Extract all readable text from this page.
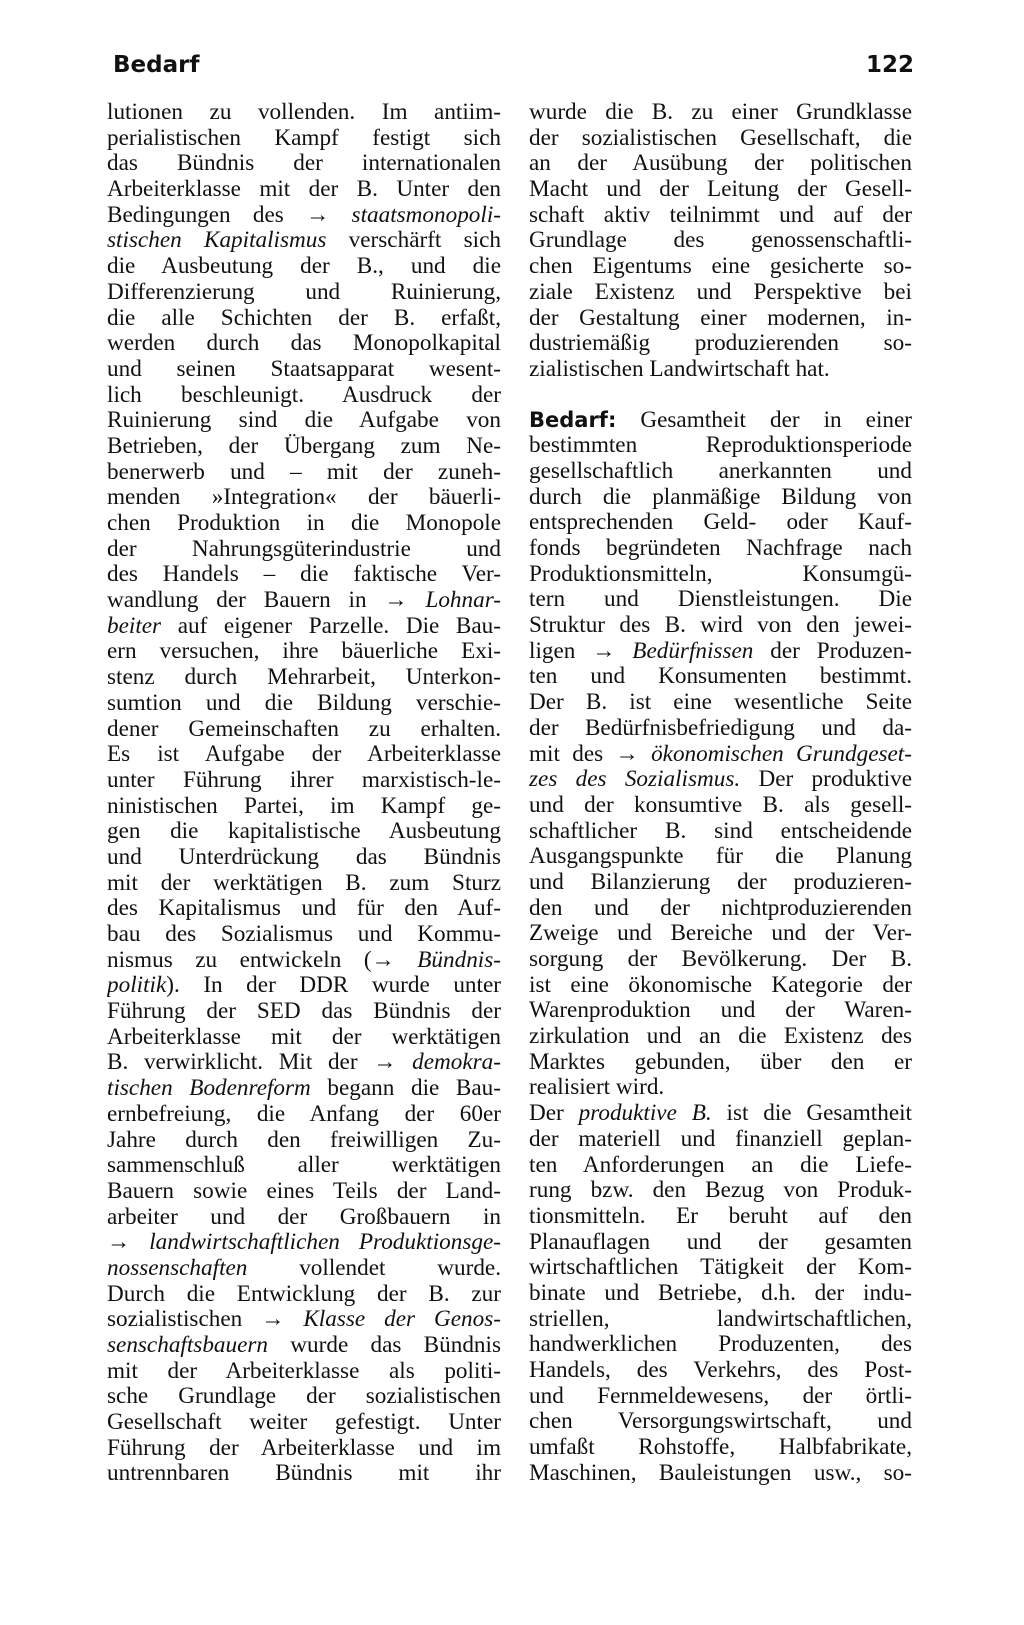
Bedarf	122
lutionen zu vollenden. Im antiim-
perialistischen Kampf festigt sich
das Bündnis der internationalen
Arbeiterklasse mit der B. Unter den
Bedingungen des → staatsmonopoli-
stischen Kapitalismus verschärft sich
die Ausbeutung der B., und die
Differenzierung und Ruinierung,
die alle Schichten der B. erfaßt,
werden durch das Monopolkapital
und seinen Staatsapparat wesent-
lich beschleunigt. Ausdruck der
Ruinierung sind die Aufgabe von
Betrieben, der Übergang zum Ne-
benerwerb und – mit der zuneh-
menden »Integration« der bäuerli-
chen Produktion in die Monopole
der Nahrungsgüterindustrie und
des Handels – die faktische Ver-
wandlung der Bauern in → Lohnar-
beiter auf eigener Parzelle. Die Bau-
ern versuchen, ihre bäuerliche Exi-
stenz durch Mehrarbeit, Unterkon-
sumtion und die Bildung verschie-
dener Gemeinschaften zu erhalten.
Es ist Aufgabe der Arbeiterklasse
unter Führung ihrer marxistisch-le-
ninistischen Partei, im Kampf ge-
gen die kapitalistische Ausbeutung
und Unterdrückung das Bündnis
mit der werktätigen B. zum Sturz
des Kapitalismus und für den Auf-
bau des Sozialismus und Kommu-
nismus zu entwickeln (→ Bündnis-
politik). In der DDR wurde unter
Führung der SED das Bündnis der
Arbeiterklasse mit der werktätigen
B. verwirklicht. Mit der → demokra-
tischen Bodenreform begann die Bau-
ernbefreiung, die Anfang der 60er
Jahre durch den freiwilligen Zu-
sammenschluß aller werktätigen
Bauern sowie eines Teils der Land-
arbeiter und der Großbauern in
→ landwirtschaftlichen Produktionsge-
nossenschaften vollendet wurde.
Durch die Entwicklung der B. zur
sozialistischen → Klasse der Genos-
senschaftsbauern wurde das Bündnis
mit der Arbeiterklasse als politi-
sche Grundlage der sozialistischen
Gesellschaft weiter gefestigt. Unter
Führung der Arbeiterklasse und im
untrennbaren Bündnis mit ihr
wurde die B. zu einer Grundklasse
der sozialistischen Gesellschaft, die
an der Ausübung der politischen
Macht und der Leitung der Gesell-
schaft aktiv teilnimmt und auf der
Grundlage des genossenschaftli-
chen Eigentums eine gesicherte so-
ziale Existenz und Perspektive bei
der Gestaltung einer modernen, in-
dustriemäßig produzierenden so-
zialistischen Landwirtschaft hat.
Bedarf: Gesamtheit der in einer
bestimmten Reproduktionsperiode
gesellschaftlich anerkannten und
durch die planmäßige Bildung von
entsprechenden Geld- oder Kauf-
fonds begründeten Nachfrage nach
Produktionsmitteln, Konsumgü-
tern und Dienstleistungen. Die
Struktur des B. wird von den jewei-
ligen → Bedürfnissen der Produzen-
ten und Konsumenten bestimmt.
Der B. ist eine wesentliche Seite
der Bedürfnisbefriedigung und da-
mit des → ökonomischen Grundgeset-
zes des Sozialismus. Der produktive
und der konsumtive B. als gesell-
schaftlicher B. sind entscheidende
Ausgangspunkte für die Planung
und Bilanzierung der produzieren-
den und der nichtproduzierenden
Zweige und Bereiche und der Ver-
sorgung der Bevölkerung. Der B.
ist eine ökonomische Kategorie der
Warenproduktion und der Waren-
zirkulation und an die Existenz des
Marktes gebunden, über den er
realisiert wird.
Der produktive B. ist die Gesamtheit
der materiell und finanziell geplan-
ten Anforderungen an die Liefe-
rung bzw. den Bezug von Produk-
tionsmitteln. Er beruht auf den
Planauflagen und der gesamten
wirtschaftlichen Tätigkeit der Kom-
binate und Betriebe, d.h. der indu-
striellen, landwirtschaftlichen,
handwerklichen Produzenten, des
Handels, des Verkehrs, des Post-
und Fernmeldewesens, der örtli-
chen Versorgungswirtschaft, und
umfaßt Rohstoffe, Halbfabrikate,
Maschinen, Bauleistungen usw., so-
